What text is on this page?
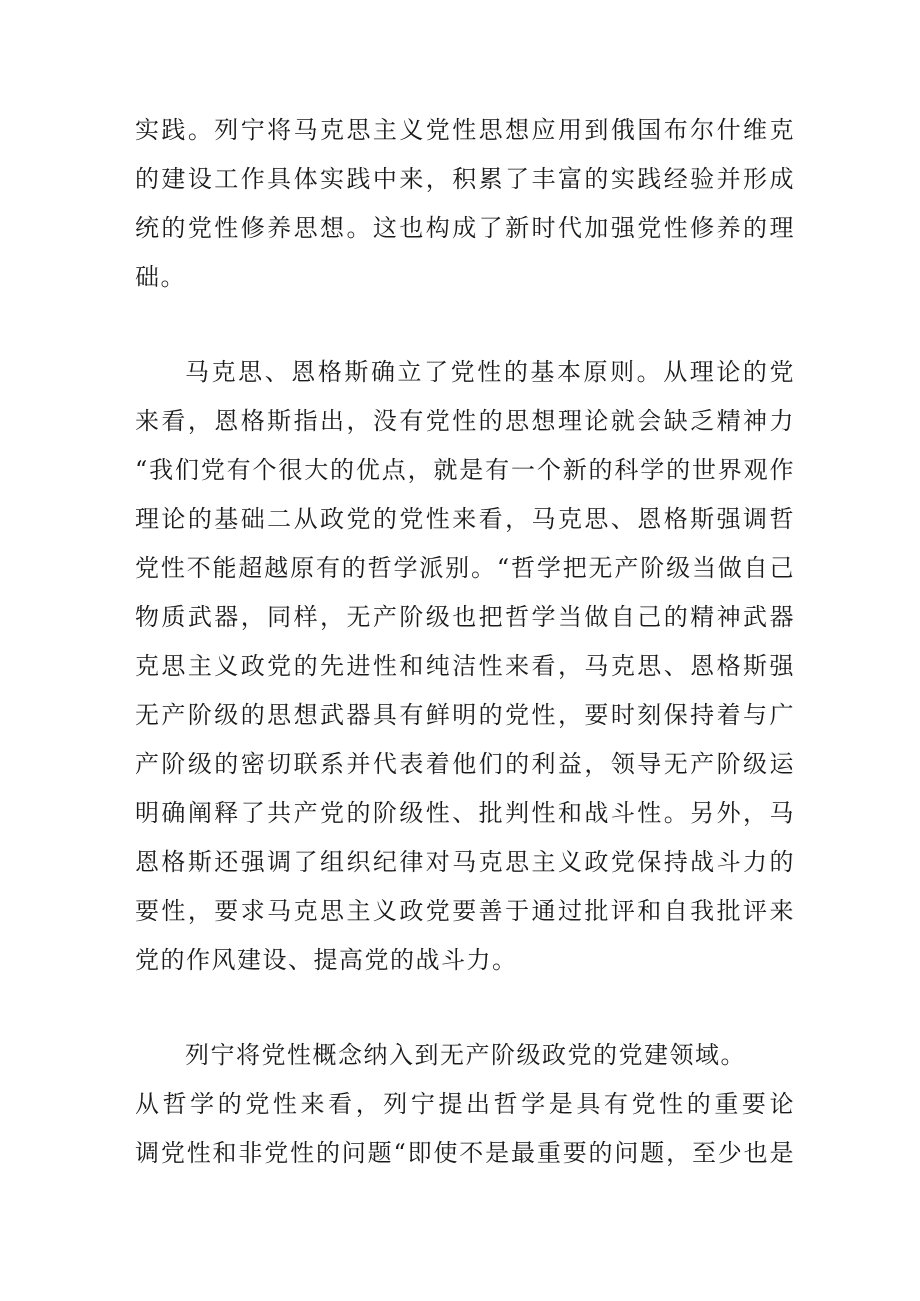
实践。列宁将马克思主义党性思想应用到俄国布尔什维克
的建设工作具体实践中来，积累了丰富的实践经验并形成
统的党性修养思想。这也构成了新时代加强党性修养的理
础。
马克思、恩格斯确立了党性的基本原则。从理论的党
来看，恩格斯指出，没有党性的思想理论就会缺乏精神力
“我们党有个很大的优点，就是有一个新的科学的世界观作
理论的基础二从政党的党性来看，马克思、恩格斯强调哲
党性不能超越原有的哲学派别。“哲学把无产阶级当做自己
物质武器，同样，无产阶级也把哲学当做自己的精神武器
克思主义政党的先进性和纯洁性来看，马克思、恩格斯强
无产阶级的思想武器具有鲜明的党性，要时刻保持着与广
产阶级的密切联系并代表着他们的利益，领导无产阶级运
明确阐释了共产党的阶级性、批判性和战斗性。另外，马
恩格斯还强调了组织纪律对马克思主义政党保持战斗力的
要性，要求马克思主义政党要善于通过批评和自我批评来
党的作风建设、提高党的战斗力。
列宁将党性概念纳入到无产阶级政党的党建领域。
从哲学的党性来看，列宁提出哲学是具有党性的重要论
调党性和非党性的问题“即使不是最重要的问题，至少也是
